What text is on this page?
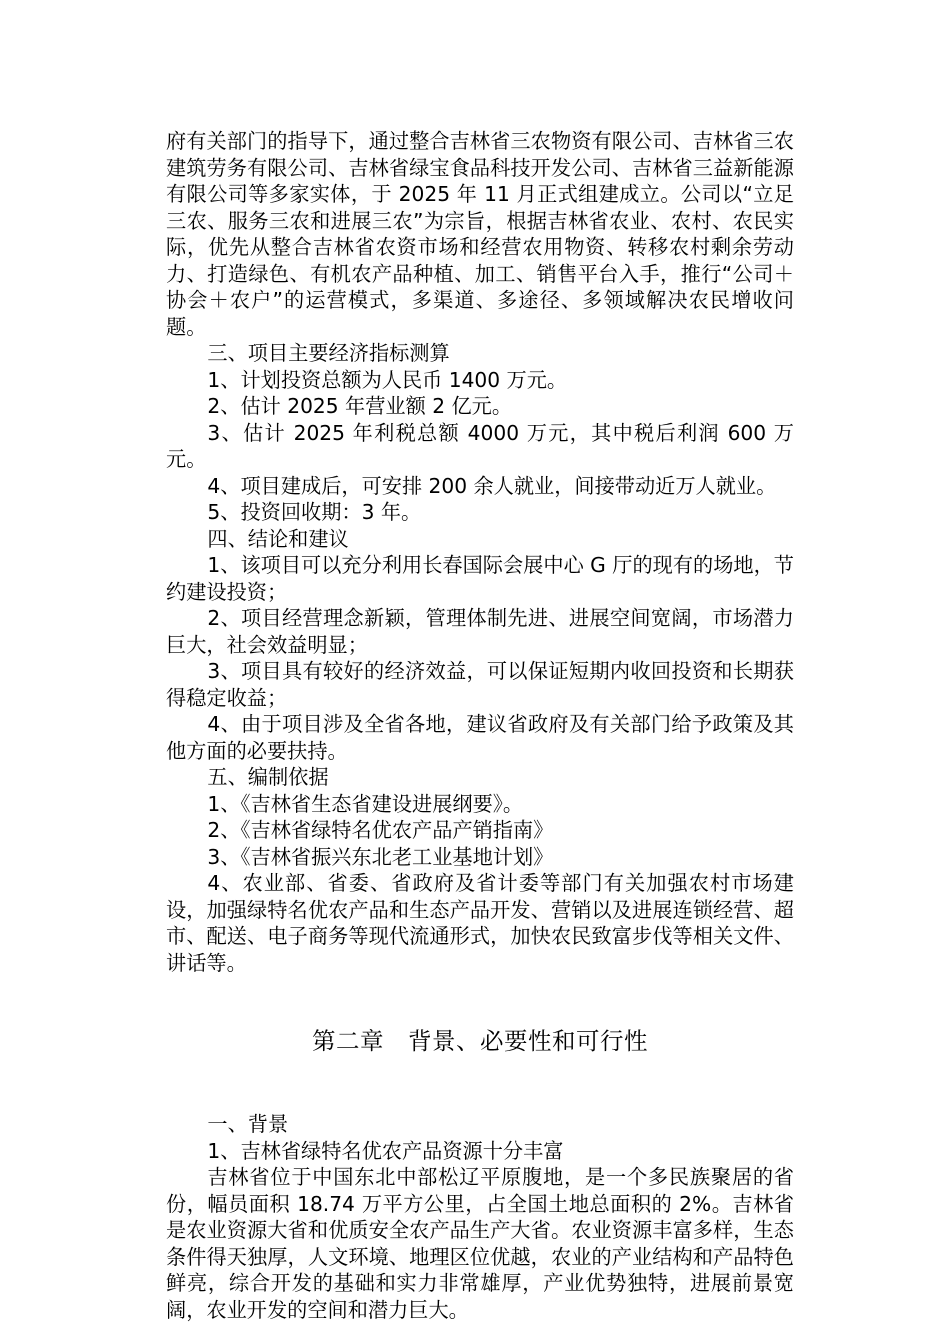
府有关部门的指导下，通过整合吉林省三农物资有限公司、吉林省三农建筑劳务有限公司、吉林省绿宝食品科技开发公司、吉林省三益新能源有限公司等多家实体，于 2025 年 11 月正式组建成立。公司以“立足三农、服务三农和进展三农”为宗旨，根据吉林省农业、农村、农民实际，优先从整合吉林省农资市场和经营农用物资、转移农村剩余劳动力、打造绿色、有机农产品种植、加工、销售平台入手，推行“公司＋协会＋农户”的运营模式，多渠道、多途径、多领域解决农民增收问题。

三、项目主要经济指标测算

1、计划投资总额为人民币 1400 万元。

2、估计 2025 年营业额 2 亿元。

3、估计 2025 年利税总额 4000 万元，其中税后利润 600 万元。

4、项目建成后，可安排 200 余人就业，间接带动近万人就业。

5、投资回收期：3 年。

四、结论和建议

1、该项目可以充分利用长春国际会展中心 G 厅的现有的场地，节约建设投资；

2、项目经营理念新颖，管理体制先进、进展空间宽阔，市场潜力巨大，社会效益明显；

3、项目具有较好的经济效益，可以保证短期内收回投资和长期获得稳定收益；

4、由于项目涉及全省各地，建议省政府及有关部门给予政策及其他方面的必要扶持。

五、编制依据

1、《吉林省生态省建设进展纲要》。

2、《吉林省绿特名优农产品产销指南》

3、《吉林省振兴东北老工业基地计划》

4、农业部、省委、省政府及省计委等部门有关加强农村市场建设，加强绿特名优农产品和生态产品开发、营销以及进展连锁经营、超市、配送、电子商务等现代流通形式，加快农民致富步伐等相关文件、讲话等。

第二章　背景、必要性和可行性

一、背景

1、吉林省绿特名优农产品资源十分丰富

吉林省位于中国东北中部松辽平原腹地，是一个多民族聚居的省份，幅员面积 18.74 万平方公里，占全国土地总面积的 2%。吉林省是农业资源大省和优质安全农产品生产大省。农业资源丰富多样，生态条件得天独厚，人文环境、地理区位优越，农业的产业结构和产品特色鲜亮，综合开发的基础和实力非常雄厚，产业优势独特，进展前景宽阔，农业开发的空间和潜力巨大。
